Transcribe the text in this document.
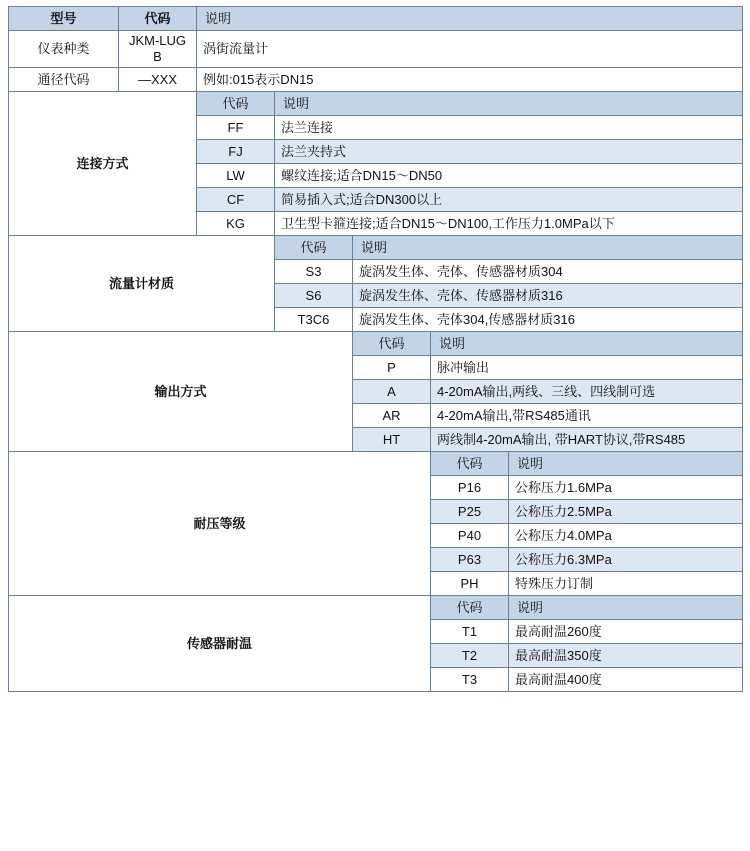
型号	代码	说明				
仪表种类	JKM-LUGB	涡街流量计				
通径代码	—XXX	例如:015表示DN15				
连接方式		代码	说明			
		FF	法兰连接			
		FJ	法兰夹持式			
		LW	螺纹连接;适合DN15～DN50			
		CF	简易插入式;适合DN300以上			
		KG	卫生型卡箍连接;适合DN15～DN100,工作压力1.0MPa以下			
流量计材质			代码	说明		
			S3	旋涡发生体、壳体、传感器材质304		
			S6	旋涡发生体、壳体、传感器材质316		
			T3C6	旋涡发生体、壳体304,传感器材质316		
输出方式				代码	说明	
				P	脉冲输出	
				A	4-20mA输出,两线、三线、四线制可选	
				AR	4-20mA输出,带RS485通讯	
				HT	两线制4-20mA输出, 带HART协议,带RS485	
耐压等级					代码	说明
					P16	公称压力1.6MPa
					P25	公称压力2.5MPa
					P40	公称压力4.0MPa
					P63	公称压力6.3MPa
					PH	特殊压力订制
传感器耐温					代码	说明
					T1	最高耐温260度
					T2	最高耐温350度
					T3	最高耐温400度
